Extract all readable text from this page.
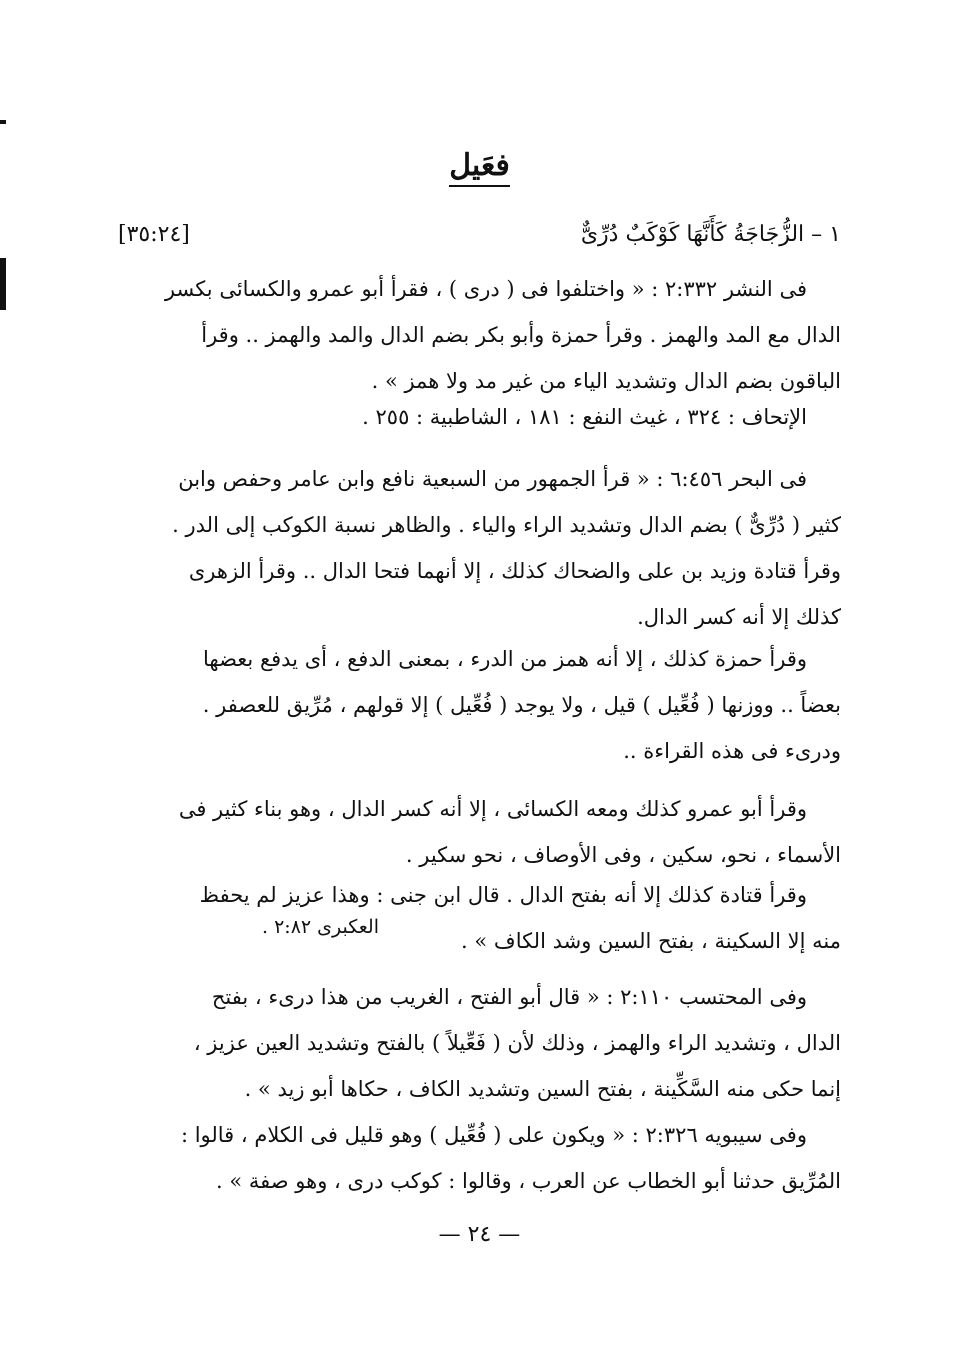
فعَيل
١ – الزُّجَاجَةُ كَأَنَّهَا كَوْكَبٌ دُرِّىٌّ
[٣٥:٢٤]
فى النشر ٢:٣٣٢ : « واختلفوا فى ( درى ) ، فقرأ أبو عمرو والكسائى بكسر
الدال مع المد والهمز . وقرأ حمزة وأبو بكر بضم الدال والمد والهمز .. وقرأ
الباقون بضم الدال وتشديد الياء من غير مد ولا همز » .
الإتحاف : ٣٢٤ ، غيث النفع : ١٨١ ، الشاطبية : ٢٥٥ .
فى البحر ٦:٤٥٦ : « قرأ الجمهور من السبعية نافع وابن عامر وحفص وابن
كثير ( دُرِّىٌّ ) بضم الدال وتشديد الراء والياء . والظاهر نسبة الكوكب إلى الدر .
وقرأ قتادة وزيد بن على والضحاك كذلك ، إلا أنهما فتحا الدال .. وقرأ الزهرى
كذلك إلا أنه كسر الدال.
وقرأ حمزة كذلك ، إلا أنه همز من الدرء ، بمعنى الدفع ، أى يدفع بعضها
بعضاً .. ووزنها ( فُعِّيل ) قيل ، ولا يوجد ( فُعِّيل ) إلا قولهم ، مُرِّيق للعصفر .
ودرىء فى هذه القراءة ..
وقرأ أبو عمرو كذلك ومعه الكسائى ، إلا أنه كسر الدال ، وهو بناء كثير فى
الأسماء ، نحو، سكين ، وفى الأوصاف ، نحو سكير .
وقرأ قتادة كذلك إلا أنه بفتح الدال . قال ابن جنى : وهذا عزيز لم يحفظ
منه إلا السكينة ، بفتح السين وشد الكاف » .
العكبرى ٢:٨٢ .
وفى المحتسب ٢:١١٠ : « قال أبو الفتح ، الغريب من هذا درىء ، بفتح
الدال ، وتشديد الراء والهمز ، وذلك لأن ( فَعِّيلاً ) بالفتح وتشديد العين عزيز ،
إنما حكى منه السَّكِّينة ، بفتح السين وتشديد الكاف ، حكاها أبو زيد » .
وفى سيبويه ٢:٣٢٦ : « ويكون على ( فُعِّيل ) وهو قليل فى الكلام ، قالوا :
المُرِّيق حدثنا أبو الخطاب عن العرب ، وقالوا : كوكب درى ، وهو صفة » .
— ٢٤ —
